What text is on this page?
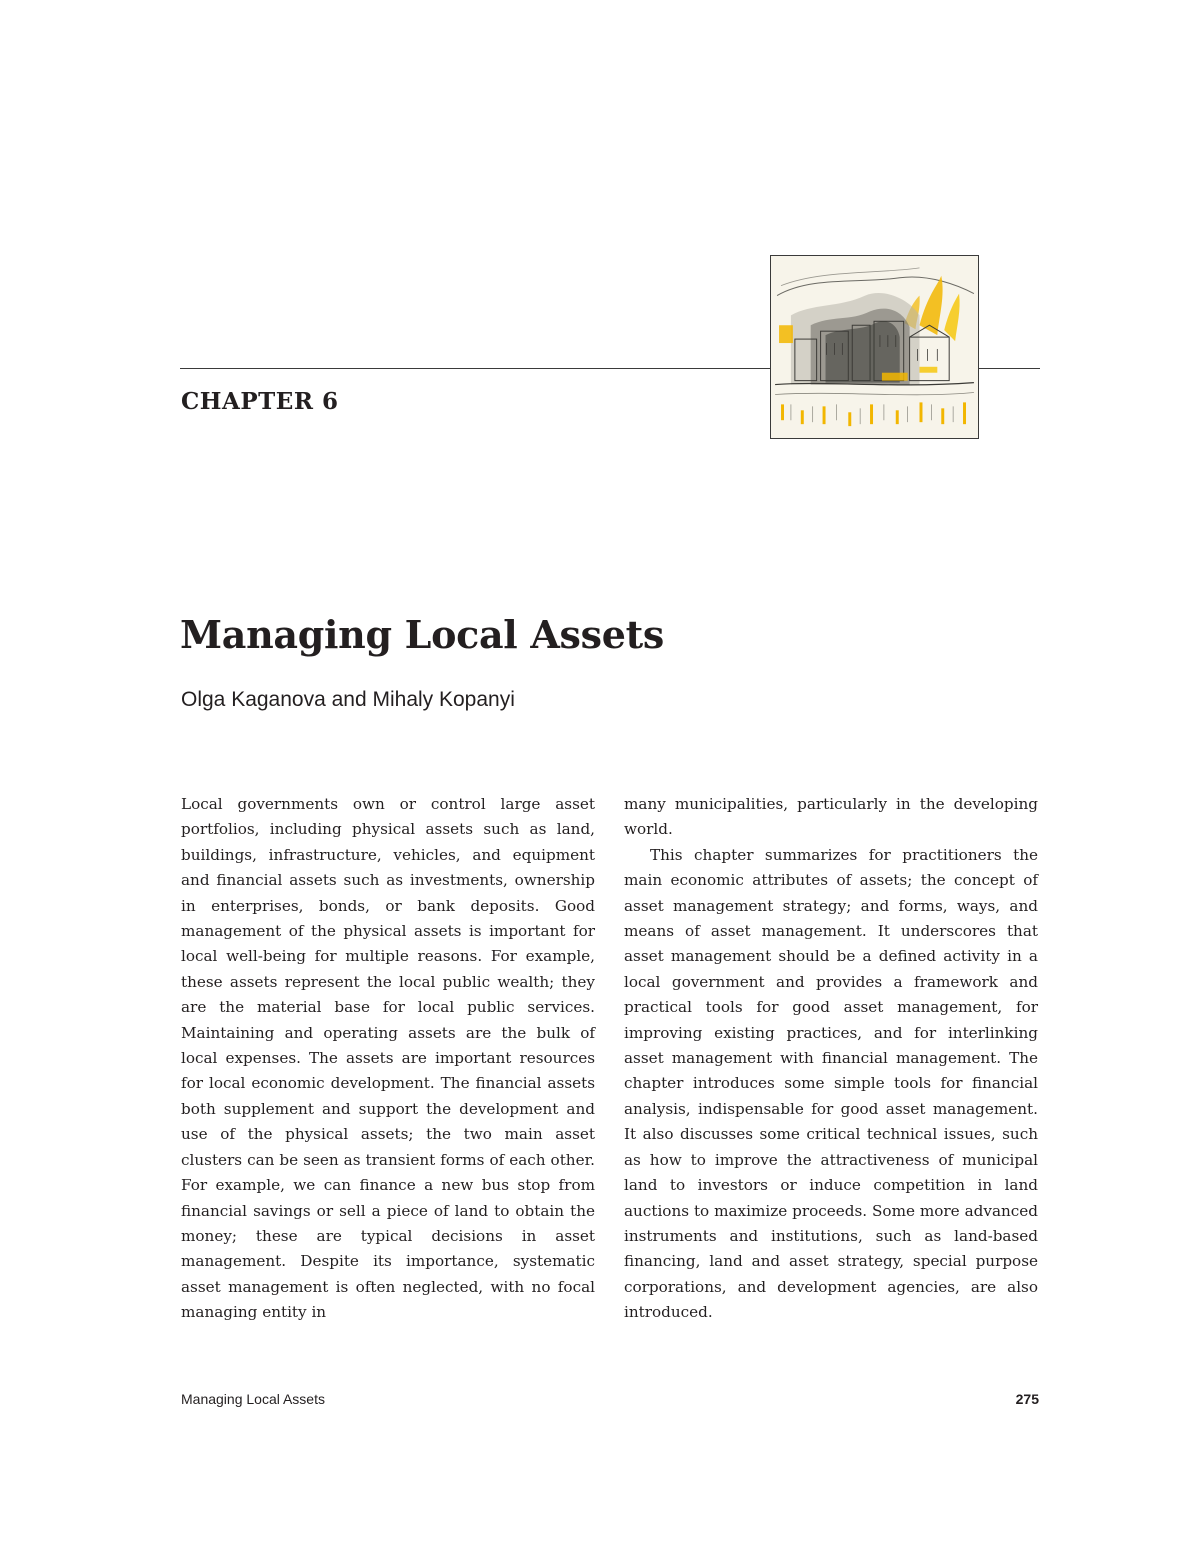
CHAPTER 6
Managing Local Assets

Olga Kaganova and Mihaly Kopanyi

Local governments own or control large asset portfolios, including physical assets such as land, buildings, infrastructure, vehicles, and equipment and financial assets such as investments, ownership in enterprises, bonds, or bank deposits. Good management of the physical assets is important for local well-being for multiple reasons. For example, these assets represent the local public wealth; they are the material base for local public services. Maintaining and operating assets are the bulk of local expenses. The assets are important resources for local economic development. The financial assets both supplement and support the development and use of the physical assets; the two main asset clusters can be seen as transient forms of each other. For example, we can finance a new bus stop from financial savings or sell a piece of land to obtain the money; these are typical decisions in asset management. Despite its importance, systematic asset management is often neglected, with no focal managing entity in

many municipalities, particularly in the developing world.

This chapter summarizes for practitioners the main economic attributes of assets; the concept of asset management strategy; and forms, ways, and means of asset management. It underscores that asset management should be a defined activity in a local government and provides a framework and practical tools for good asset management, for improving existing practices, and for interlinking asset management with financial management. The chapter introduces some simple tools for financial analysis, indispensable for good asset management. It also discusses some critical technical issues, such as how to improve the attractiveness of municipal land to investors or induce competition in land auctions to maximize proceeds. Some more advanced instruments and institutions, such as land-based financing, land and asset strategy, special purpose corporations, and development agencies, are also introduced.

Managing Local Assets	275
